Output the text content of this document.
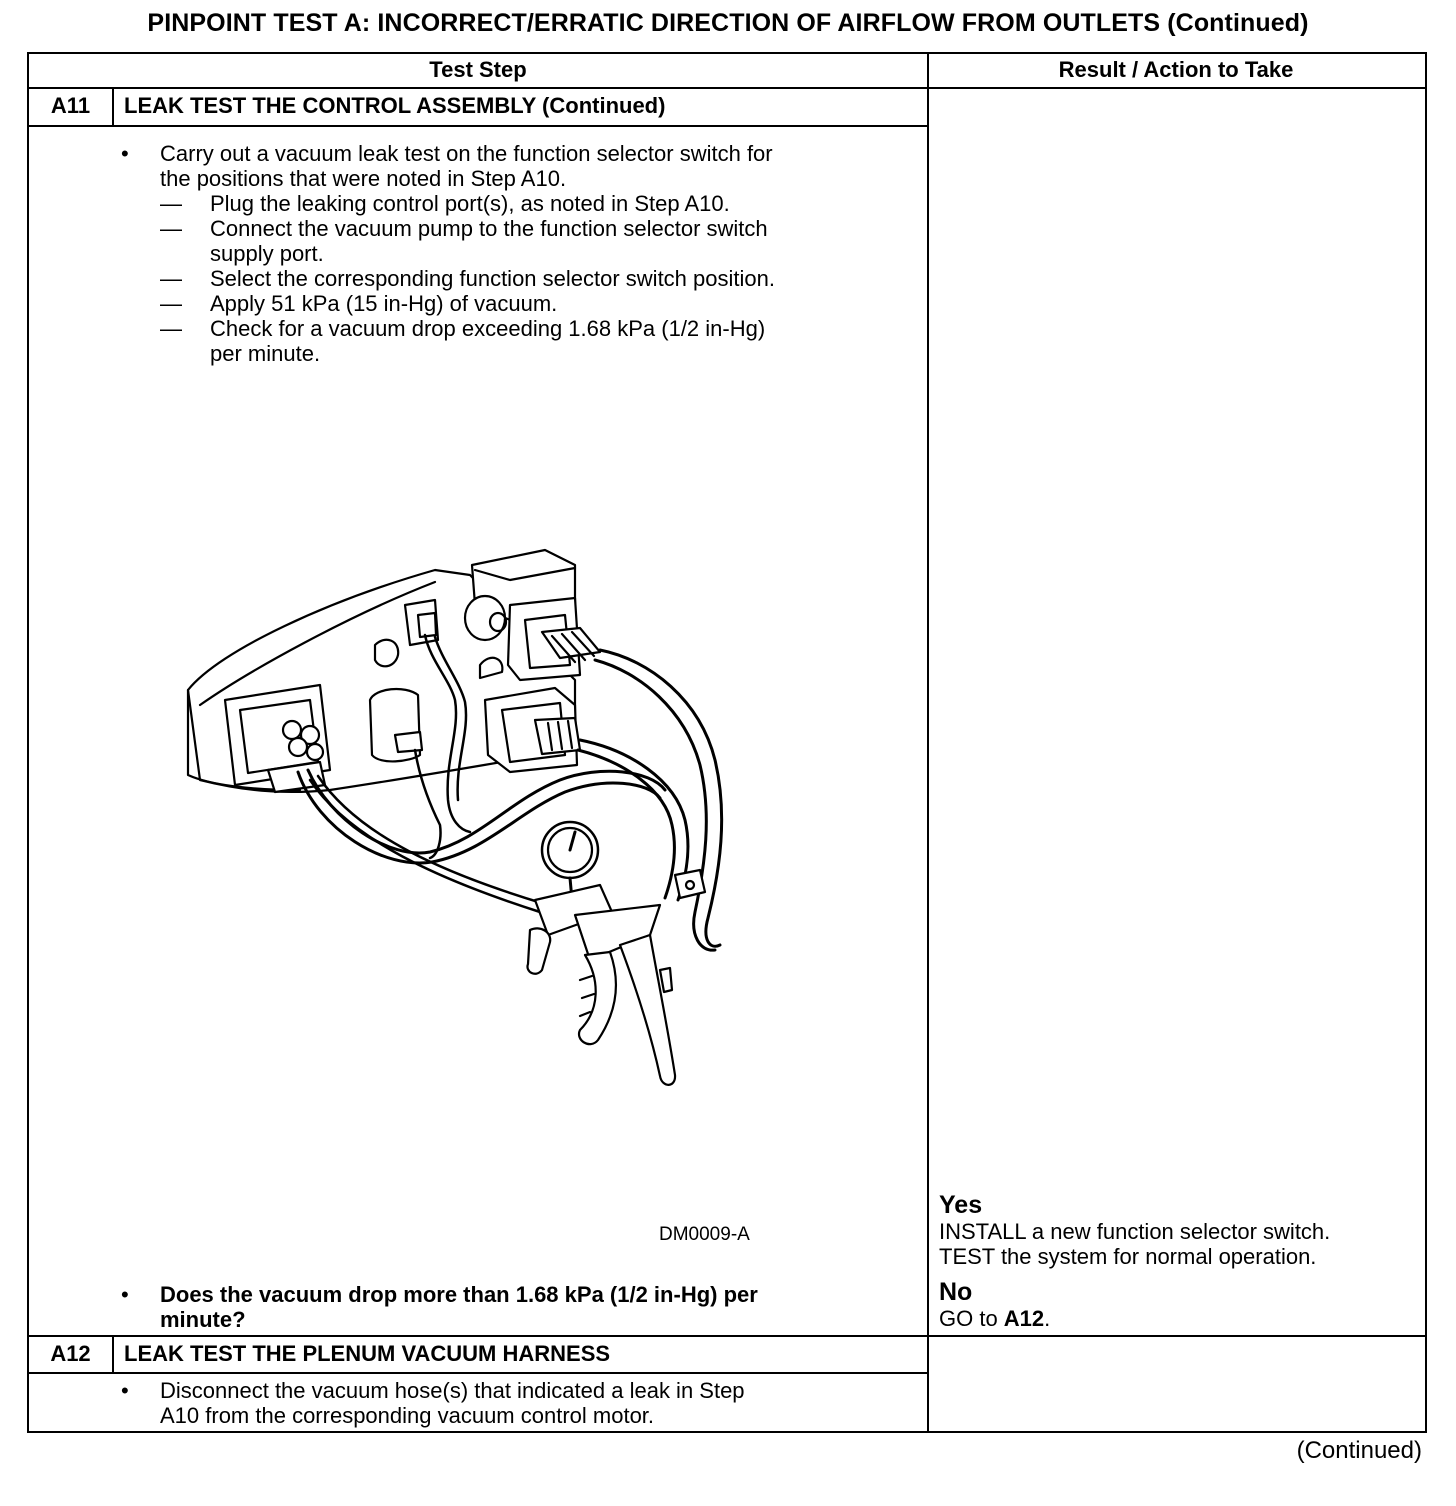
PINPOINT TEST A: INCORRECT/ERRATIC DIRECTION OF AIRFLOW FROM OUTLETS (Continued)
Test Step	Result / Action to Take
A11	LEAK TEST THE CONTROL ASSEMBLY (Continued)
• Carry out a vacuum leak test on the function selector switch for
the positions that were noted in Step A10.
— Plug the leaking control port(s), as noted in Step A10.
— Connect the vacuum pump to the function selector switch
supply port.
— Select the corresponding function selector switch position.
— Apply 51 kPa (15 in-Hg) of vacuum.
— Check for a vacuum drop exceeding 1.68 kPa (1/2 in-Hg)
per minute.
DM0009-A
• Does the vacuum drop more than 1.68 kPa (1/2 in-Hg) per
minute?
Yes
INSTALL a new function selector switch.
TEST the system for normal operation.
No
GO to A12.
A12	LEAK TEST THE PLENUM VACUUM HARNESS
• Disconnect the vacuum hose(s) that indicated a leak in Step
A10 from the corresponding vacuum control motor.
(Continued)
